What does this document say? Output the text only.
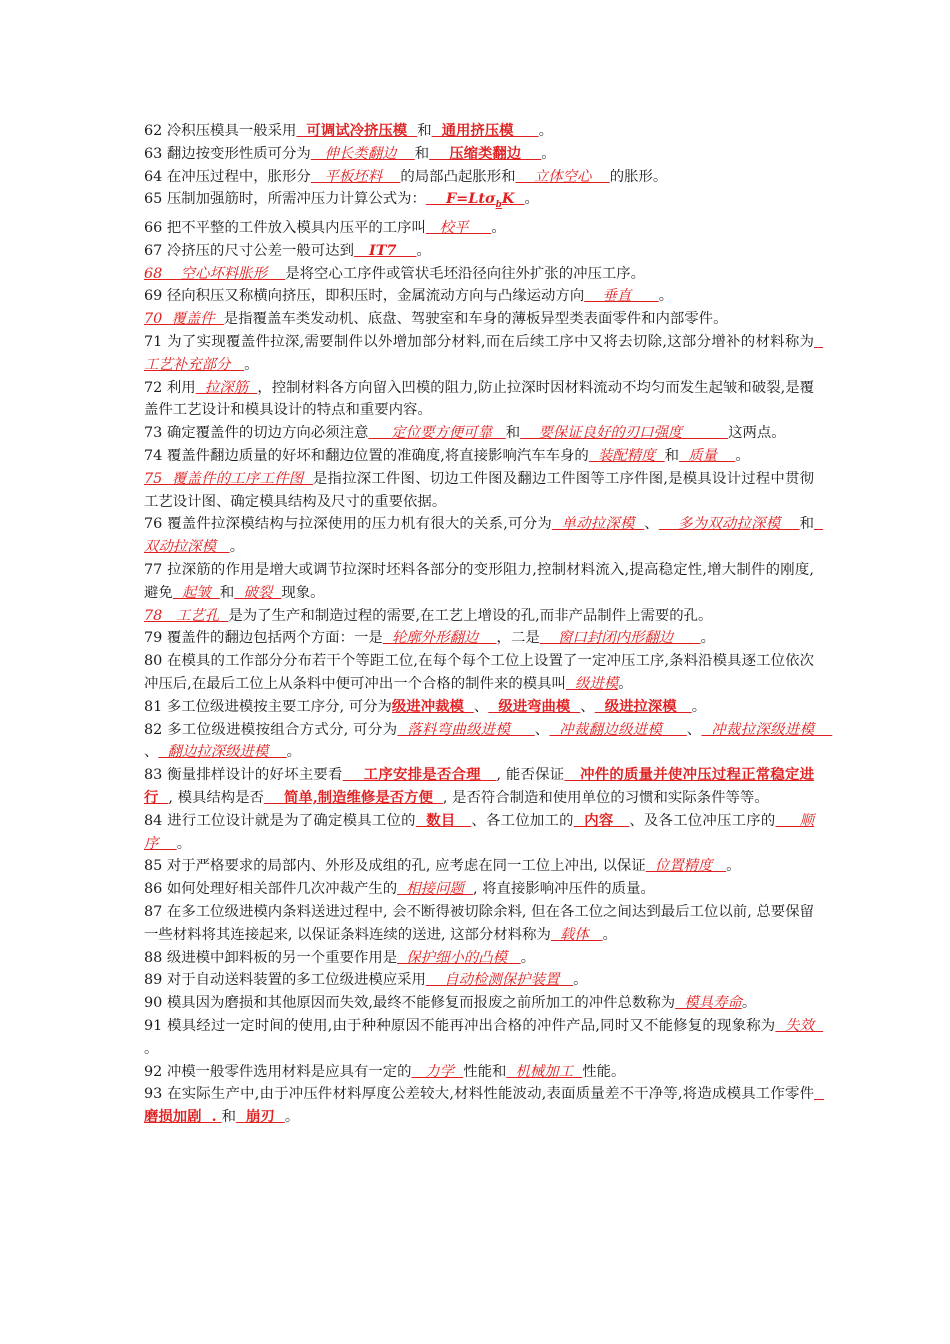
62 冷积压模具一般采用  可调试冷挤压模  和  通用挤压模     。

63 翻边按变形性质可分为   伸长类翻边    和    压缩类翻边    。

64 在冲压过程中，胀形分   平板坯料    的局部凸起胀形和    立体空心    的胀形。

65 压制加强筋时，所需冲压力计算公式为：    F=Ltσ$_b$K  。

66 把不平整的工件放入模具内压平的工序叫   校平     。

67 冷挤压的尺寸公差一般可达到   IT7    。

68    空心坏料胀形    是将空心工序件或管状毛坯沿径向往外扩张的冲压工序。

69 径向积压又称横向挤压，即积压时，金属流动方向与凸缘运动方向    垂直      。

70  覆盖件  是指覆盖车类发动机、底盘、驾驶室和车身的薄板异型类表面零件和内部零件。

71 为了实现覆盖件拉深,需要制件以外增加部分材料,而在后续工序中又将去切除,这部分增补的材料称为  工艺补充部分   。

72 利用  拉深筋  ，控制材料各方向留入凹模的阻力,防止拉深时因材料流动不均匀而发生起皱和破裂,是覆盖件工艺设计和模具设计的特点和重要内容。

73 确定覆盖件的切边方向必须注意     定位要方便可靠   和    要保证良好的刃口强度          这两点。

74 覆盖件翻边质量的好坏和翻边位置的准确度,将直接影响汽车车身的  装配精度  和  质量    。

75  覆盖件的工序工件图  是指拉深工件图、切边工件图及翻边工件图等工序件图,是模具设计过程中贯彻工艺设计图、确定模具结构及尺寸的重要依据。

76 覆盖件拉深模结构与拉深使用的压力机有很大的关系,可分为  单动拉深模  、    多为双动拉深模    和  双动拉深模   。

77 拉深筋的作用是增大或调节拉深时坯料各部分的变形阻力,控制材料流入,提高稳定性,增大制件的刚度,避免  起皱  和  破裂  现象。

78   工艺孔  是为了生产和制造过程的需要,在工艺上增设的孔,而非产品制件上需要的孔。

79 覆盖件的翻边包括两个方面：一是  轮廓外形翻边    ，二是    窗口封闭内形翻边      。

80 在模具的工作部分分布若干个等距工位,在每个每个工位上设置了一定冲压工序,条料沿模具逐工位依次冲压后,在最后工位上从条料中便可冲出一个合格的制件来的模具叫  级进模。

81 多工位级进模按主要工序分, 可分为级进冲裁模  、  级进弯曲模  、  级进拉深模   。

82 多工位级进模按组合方式分, 可分为  落料弯曲级进模     、  冲裁翻边级进模     、  冲裁拉深级进模    、  翻边拉深级进模    。

83 衡量排样设计的好坏主要看    工序安排是否合理   , 能否保证   冲件的质量并使冲压过程正常稳定进行  , 模具结构是否    简单,制造维修是否方便  , 是否符合制造和使用单位的习惯和实际条件等等。

84 进行工位设计就是为了确定模具工位的  数目   、各工位加工的  内容   、及各工位冲压工序的     顺序    。

85 对于严格要求的局部内、外形及成组的孔, 应考虑在同一工位上冲出, 以保证  位置精度   。

86 如何处理好相关部件几次冲裁产生的  相接问题  , 将直接影响冲压件的质量。

87 在多工位级进模内条料送进过程中, 会不断得被切除余料, 但在各工位之间达到最后工位以前, 总要保留一些材料将其连接起来, 以保证条料连续的送进, 这部分材料称为  载体   。

88 级进模中卸料板的另一个重要作用是  保护细小的凸模   。

89 对于自动送料装置的多工位级进模应采用    自动检测保护装置   。

90 模具因为磨损和其他原因而失效,最终不能修复而报废之前所加工的冲件总数称为  模具寿命。

91 模具经过一定时间的使用,由于种种原因不能再冲出合格的冲件产品,同时又不能修复的现象称为  失效  。

92 冲模一般零件选用材料是应具有一定的   力学  性能和  机械加工  性能。

93 在实际生产中,由于冲压件材料厚度公差较大,材料性能波动,表面质量差不干净等,将造成模具工作零件  磨损加剧  . 和  崩刃  。
